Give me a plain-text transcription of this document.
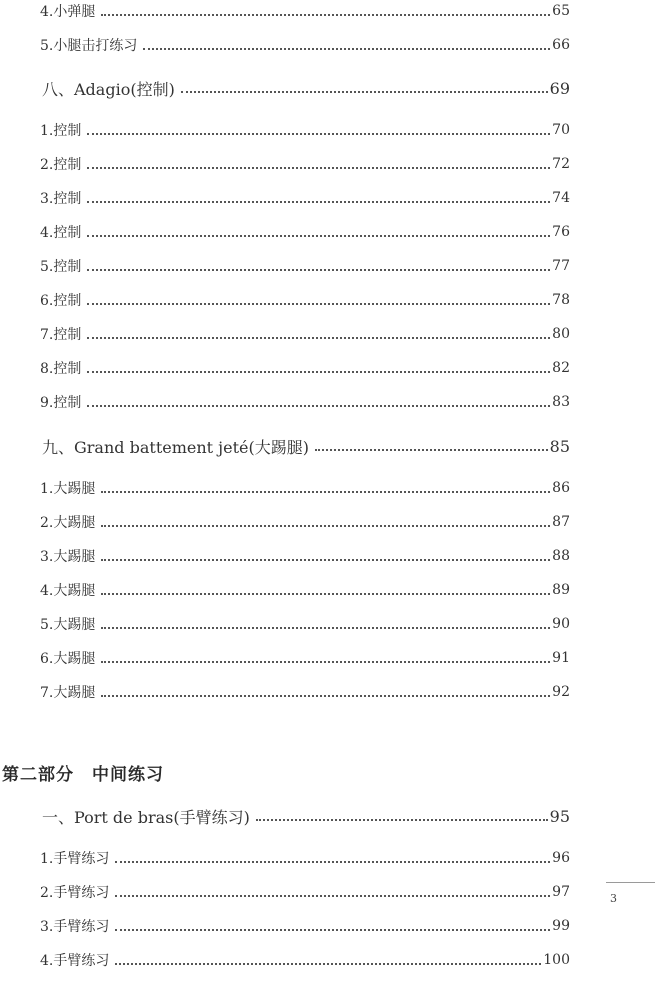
4.小弹腿	65
5.小腿击打练习	66
八、Adagio(控制)	69
1.控制	70
2.控制	72
3.控制	74
4.控制	76
5.控制	77
6.控制	78
7.控制	80
8.控制	82
9.控制	83
九、Grand battement jeté(大踢腿)	85
1.大踢腿	86
2.大踢腿	87
3.大踢腿	88
4.大踢腿	89
5.大踢腿	90
6.大踢腿	91
7.大踢腿	92
第二部分　中间练习
一、Port de bras(手臂练习)	95
1.手臂练习	96
2.手臂练习	97
3.手臂练习	99
4.手臂练习	100
3
